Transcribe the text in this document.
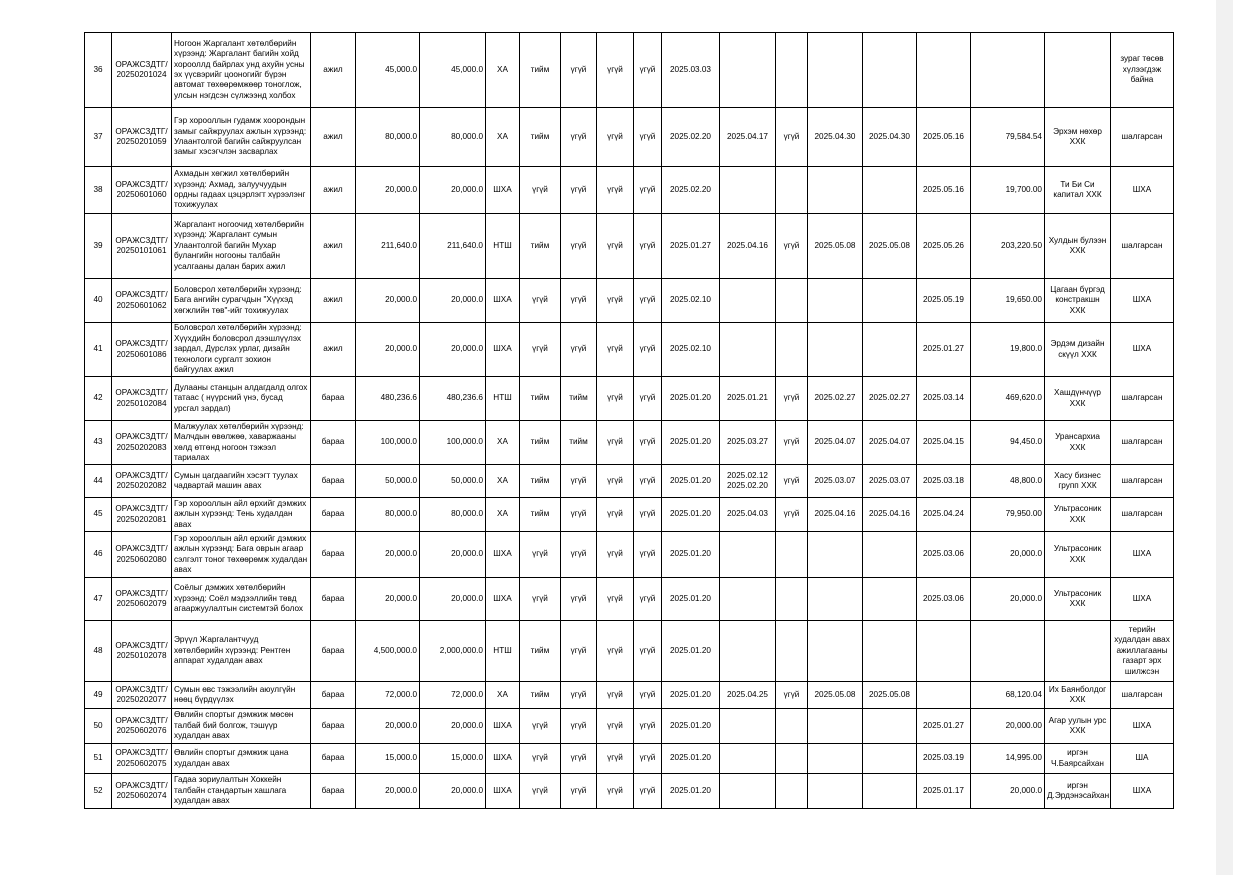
36	ОРАЖСЗДТГ/ 20250201024	Ногоон Жаргалант хөтөлбөрийн хүрээнд: Жаргалант багийн хойд хорооллд байрлах унд ахуйн усны эх үүсвэрийг цооногийг бүрэн автомат төхөөрөмжөөр тоноглож, улсын нэгдсэн сүлжээнд холбох	ажил	45,000.0	45,000.0	ХА	тийм	үгүй	үгүй	үгүй	2025.03.03								зураг төсөв хүлээгдэж байна
37	ОРАЖСЗДТГ/ 20250201059	Гэр хорооллын гудамж хоорондын замыг сайжруулах ажлын хүрээнд: Улаантолгой багийн сайжруулсан замыг хэсэгчлэн засварлах	ажил	80,000.0	80,000.0	ХА	тийм	үгүй	үгүй	үгүй	2025.02.20	2025.04.17	үгүй	2025.04.30	2025.04.30	2025.05.16	79,584.54	Эрхэм нөхөр ХХК	шалгарсан
38	ОРАЖСЗДТГ/ 20250601060	Ахмадын хөгжил хөтөлбөрийн хүрээнд: Ахмад, залуучуудын ордны гадаах цэцэрлэгт хүрээлэнг тохижуулах	ажил	20,000.0	20,000.0	ШХА	үгүй	үгүй	үгүй	үгүй	2025.02.20					2025.05.16	19,700.00	Ти Би Си капитал ХХК	ШХА
39	ОРАЖСЗДТГ/ 20250101061	Жаргалант ногоочид хөтөлбөрийн хүрээнд: Жаргалант сумын Улаантолгой багийн Мухар булангийн ногооны талбайн усалгааны далан барих ажил	ажил	211,640.0	211,640.0	НТШ	тийм	үгүй	үгүй	үгүй	2025.01.27	2025.04.16	үгүй	2025.05.08	2025.05.08	2025.05.26	203,220.50	Хулдын булээн ХХК	шалгарсан
40	ОРАЖСЗДТГ/ 20250601062	Боловсрол хөтөлбөрийн хүрээнд: Бага ангийн сурагчдын "Хүүхэд хөгжлийн төв"-ийг тохижуулах	ажил	20,000.0	20,000.0	ШХА	үгүй	үгүй	үгүй	үгүй	2025.02.10					2025.05.19	19,650.00	Цагаан бүргэд констракшн ХХК	ШХА
41	ОРАЖСЗДТГ/ 20250601086	Боловсрол хөтөлбөрийн хүрээнд: Хүүхдийн боловсрол дээшлүүлэх зардал, Дүрслэх урлаг, дизайн технологи сургалт зохион байгуулах ажил	ажил	20,000.0	20,000.0	ШХА	үгүй	үгүй	үгүй	үгүй	2025.02.10					2025.01.27	19,800.0	Эрдэм дизайн скүүл ХХК	ШХА
42	ОРАЖСЗДТГ/ 20250102084	Дулааны станцын алдагдалд олгох татаас ( нүүрсний үнэ, бусад урсгал зардал)	бараа	480,236.6	480,236.6	НТШ	тийм	тийм	үгүй	үгүй	2025.01.20	2025.01.21	үгүй	2025.02.27	2025.02.27	2025.03.14	469,620.0	Хашдүнчүүр ХХК	шалгарсан
43	ОРАЖСЗДТГ/ 20250202083	Малжуулах хөтөлбөрийн хүрээнд: Малчдын өвөлжөө, хаваржааны хөлд өтгөнд ногоон тэжээл тариалах	бараа	100,000.0	100,000.0	ХА	тийм	тийм	үгүй	үгүй	2025.01.20	2025.03.27	үгүй	2025.04.07	2025.04.07	2025.04.15	94,450.0	Уранcархиа ХХК	шалгарсан
44	ОРАЖСЗДТГ/ 20250202082	Сумын цагдаагийн хэсэгт туулах чадвартай машин авах	бараа	50,000.0	50,000.0	ХА	тийм	үгүй	үгүй	үгүй	2025.01.20	2025.02.12 2025.02.20	үгүй	2025.03.07	2025.03.07	2025.03.18	48,800.0	Хасу бизнес групп ХХК	шалгарсан
45	ОРАЖСЗДТГ/ 20250202081	Гэр хорооллын айл өрхийг дэмжих ажлын хүрээнд: Тень худалдан авах	бараа	80,000.0	80,000.0	ХА	тийм	үгүй	үгүй	үгүй	2025.01.20	2025.04.03	үгүй	2025.04.16	2025.04.16	2025.04.24	79,950.00	Ультрасоник ХХК	шалгарсан
46	ОРАЖСЗДТГ/ 20250602080	Гэр хорооллын айл өрхийг дэмжих ажлын хүрээнд: Бага оврын агаар сэлгэлт тоног төхөөрөмж худалдан авах	бараа	20,000.0	20,000.0	ШХА	үгүй	үгүй	үгүй	үгүй	2025.01.20					2025.03.06	20,000.0	Ультрасоник ХХК	ШХА
47	ОРАЖСЗДТГ/ 20250602079	Соёлыг дэмжих хөтөлбөрийн хүрээнд: Соёл мэдээллийн төвд агааржуулалтын системтэй болох	бараа	20,000.0	20,000.0	ШХА	үгүй	үгүй	үгүй	үгүй	2025.01.20					2025.03.06	20,000.0	Ультрасоник ХХК	ШХА
48	ОРАЖСЗДТГ/ 20250102078	Эрүүл Жаргалантчууд хөтөлбөрийн хүрээнд: Рентген аппарат худалдан авах	бараа	4,500,000.0	2,000,000.0	НТШ	тийм	үгүй	үгүй	үгүй	2025.01.20								терийн худалдан авах ажиллагааны газарт эрх шилжсэн
49	ОРАЖСЗДТГ/ 20250202077	Сумын өвс тэжээлийн аюулгүйн нөөц бүрдүүлэх	бараа	72,000.0	72,000.0	ХА	тийм	үгүй	үгүй	үгүй	2025.01.20	2025.04.25	үгүй	2025.05.08	2025.05.08		68,120.04	Их Баянболдог ХХК	шалгарсан
50	ОРАЖСЗДТГ/ 20250602076	Өвлийн спортыг дэмжиж мөсөн талбай бий болгож, тэшүүр худалдан авах	бараа	20,000.0	20,000.0	ШХА	үгүй	үгүй	үгүй	үгүй	2025.01.20					2025.01.27	20,000.00	Агар уулын урс ХХК	ШХА
51	ОРАЖСЗДТГ/ 20250602075	Өвлийн спортыг дэмжиж цана худалдан авах	бараа	15,000.0	15,000.0	ШХА	үгүй	үгүй	үгүй	үгүй	2025.01.20					2025.03.19	14,995.00	иргэн Ч.Баярсайхан	ША
52	ОРАЖСЗДТГ/ 20250602074	Гадаа зориулалтын Хоккейн талбайн стандартын хашлага худалдан авах	бараа	20,000.0	20,000.0	ШХА	үгүй	үгүй	үгүй	үгүй	2025.01.20					2025.01.17	20,000.0	иргэн Д.Эрдэнэсайхан	ШХА
